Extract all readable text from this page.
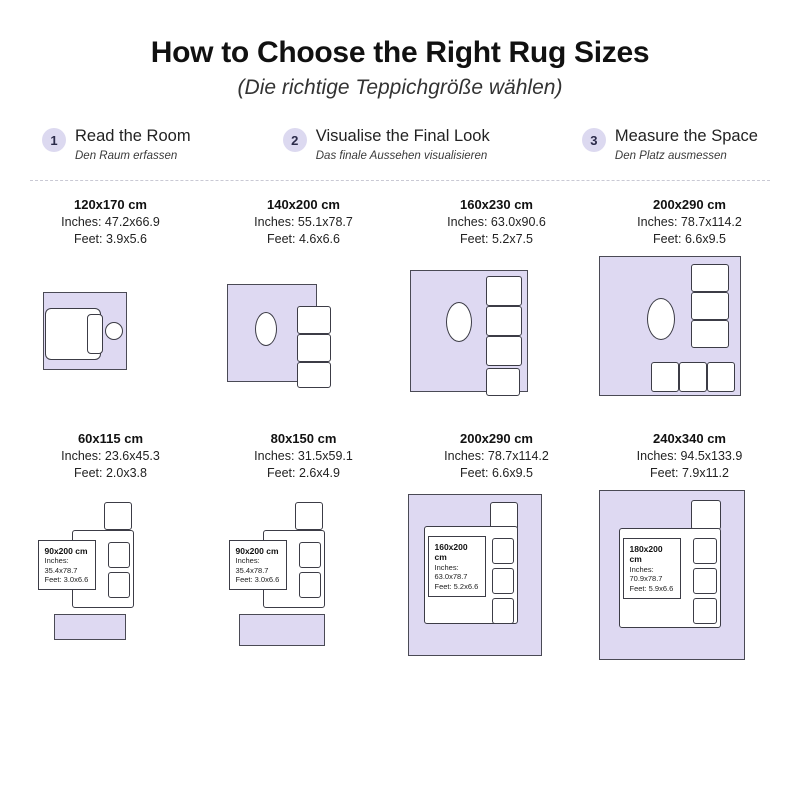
How to Choose the Right Rug Sizes
(Die richtige Teppichgröße wählen)
1	Read the Room
Den Raum erfassen
2	Visualise the Final Look
Das finale Aussehen visualisieren
3	Measure the Space
Den Platz ausmessen
120x170 cm
Inches: 47.2x66.9
Feet: 3.9x5.6
140x200 cm
Inches: 55.1x78.7
Feet: 4.6x6.6
160x230 cm
Inches: 63.0x90.6
Feet: 5.2x7.5
200x290 cm
Inches: 78.7x114.2
Feet: 6.6x9.5
60x115 cm
Inches: 23.6x45.3
Feet: 2.0x3.8
90x200 cm
Inches: 35.4x78.7
Feet: 3.0x6.6
80x150 cm
Inches: 31.5x59.1
Feet: 2.6x4.9
90x200 cm
Inches: 35.4x78.7
Feet: 3.0x6.6
200x290 cm
Inches: 78.7x114.2
Feet: 6.6x9.5
160x200 cm
Inches: 63.0x78.7
Feet: 5.2x6.6
240x340 cm
Inches: 94.5x133.9
Feet: 7.9x11.2
180x200 cm
Inches: 70.9x78.7
Feet: 5.9x6.6
